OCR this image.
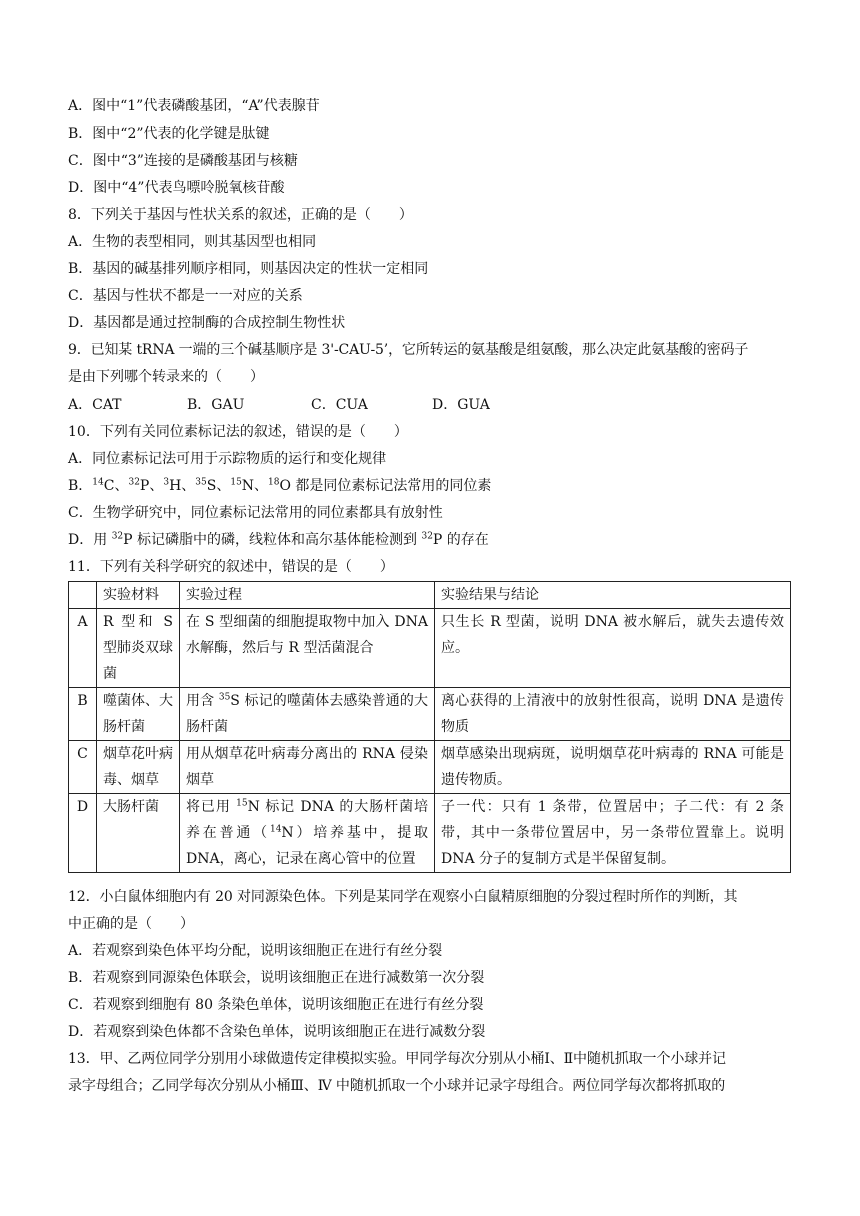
A．图中“1”代表磷酸基团，“A”代表腺苷
B．图中“2”代表的化学键是肽键
C．图中“3”连接的是磷酸基团与核糖
D．图中“4”代表鸟嘌呤脱氧核苷酸
8．下列关于基因与性状关系的叙述，正确的是（　　）
A．生物的表型相同，则其基因型也相同
B．基因的碱基排列顺序相同，则基因决定的性状一定相同
C．基因与性状不都是一一对应的关系
D．基因都是通过控制酶的合成控制生物性状
9．已知某 tRNA 一端的三个碱基顺序是 3'-CAU-5’，它所转运的氨基酸是组氨酸，那么决定此氨基酸的密码子
是由下列哪个转录来的（　　）
A．CAT	B．GAU	C．CUA	D．GUA
10．下列有关同位素标记法的叙述，错误的是（　　）
A．同位素标记法可用于示踪物质的运行和变化规律
B．$^{14}$C、$^{32}$P、$^3$H、$^{35}$S、$^{15}$N、$^{18}$O 都是同位素标记法常用的同位素
C．生物学研究中，同位素标记法常用的同位素都具有放射性
D．用 $^{32}$P 标记磷脂中的磷，线粒体和高尔基体能检测到 $^{32}$P 的存在
11．下列有关科学研究的叙述中，错误的是（　　）
	实验材料	实验过程	实验结果与结论
A	R 型和 S 型肺炎双球菌	在 S 型细菌的细胞提取物中加入 DNA 水解酶，然后与 R 型活菌混合	只生长 R 型菌，说明 DNA 被水解后，就失去遗传效应。
B	噬菌体、大肠杆菌	用含 $^{35}$S 标记的噬菌体去感染普通的大肠杆菌	离心获得的上清液中的放射性很高，说明 DNA 是遗传物质
C	烟草花叶病毒、烟草	用从烟草花叶病毒分离出的 RNA 侵染烟草	烟草感染出现病斑，说明烟草花叶病毒的 RNA 可能是遗传物质。
D	大肠杆菌	将已用 $^{15}$N 标记 DNA 的大肠杆菌培养在普通（$^{14}$N）培养基中，提取 DNA，离心，记录在离心管中的位置	子一代：只有 1 条带，位置居中；子二代：有 2 条带，其中一条带位置居中，另一条带位置靠上。说明 DNA 分子的复制方式是半保留复制。
12．小白鼠体细胞内有 20 对同源染色体。下列是某同学在观察小白鼠精原细胞的分裂过程时所作的判断，其
中正确的是（　　）
A．若观察到染色体平均分配，说明该细胞正在进行有丝分裂
B．若观察到同源染色体联会，说明该细胞正在进行减数第一次分裂
C．若观察到细胞有 80 条染色单体，说明该细胞正在进行有丝分裂
D．若观察到染色体都不含染色单体，说明该细胞正在进行减数分裂
13．甲、乙两位同学分别用小球做遗传定律模拟实验。甲同学每次分别从小桶Ⅰ、Ⅱ中随机抓取一个小球并记
录字母组合；乙同学每次分别从小桶Ⅲ、Ⅳ 中随机抓取一个小球并记录字母组合。两位同学每次都将抓取的
